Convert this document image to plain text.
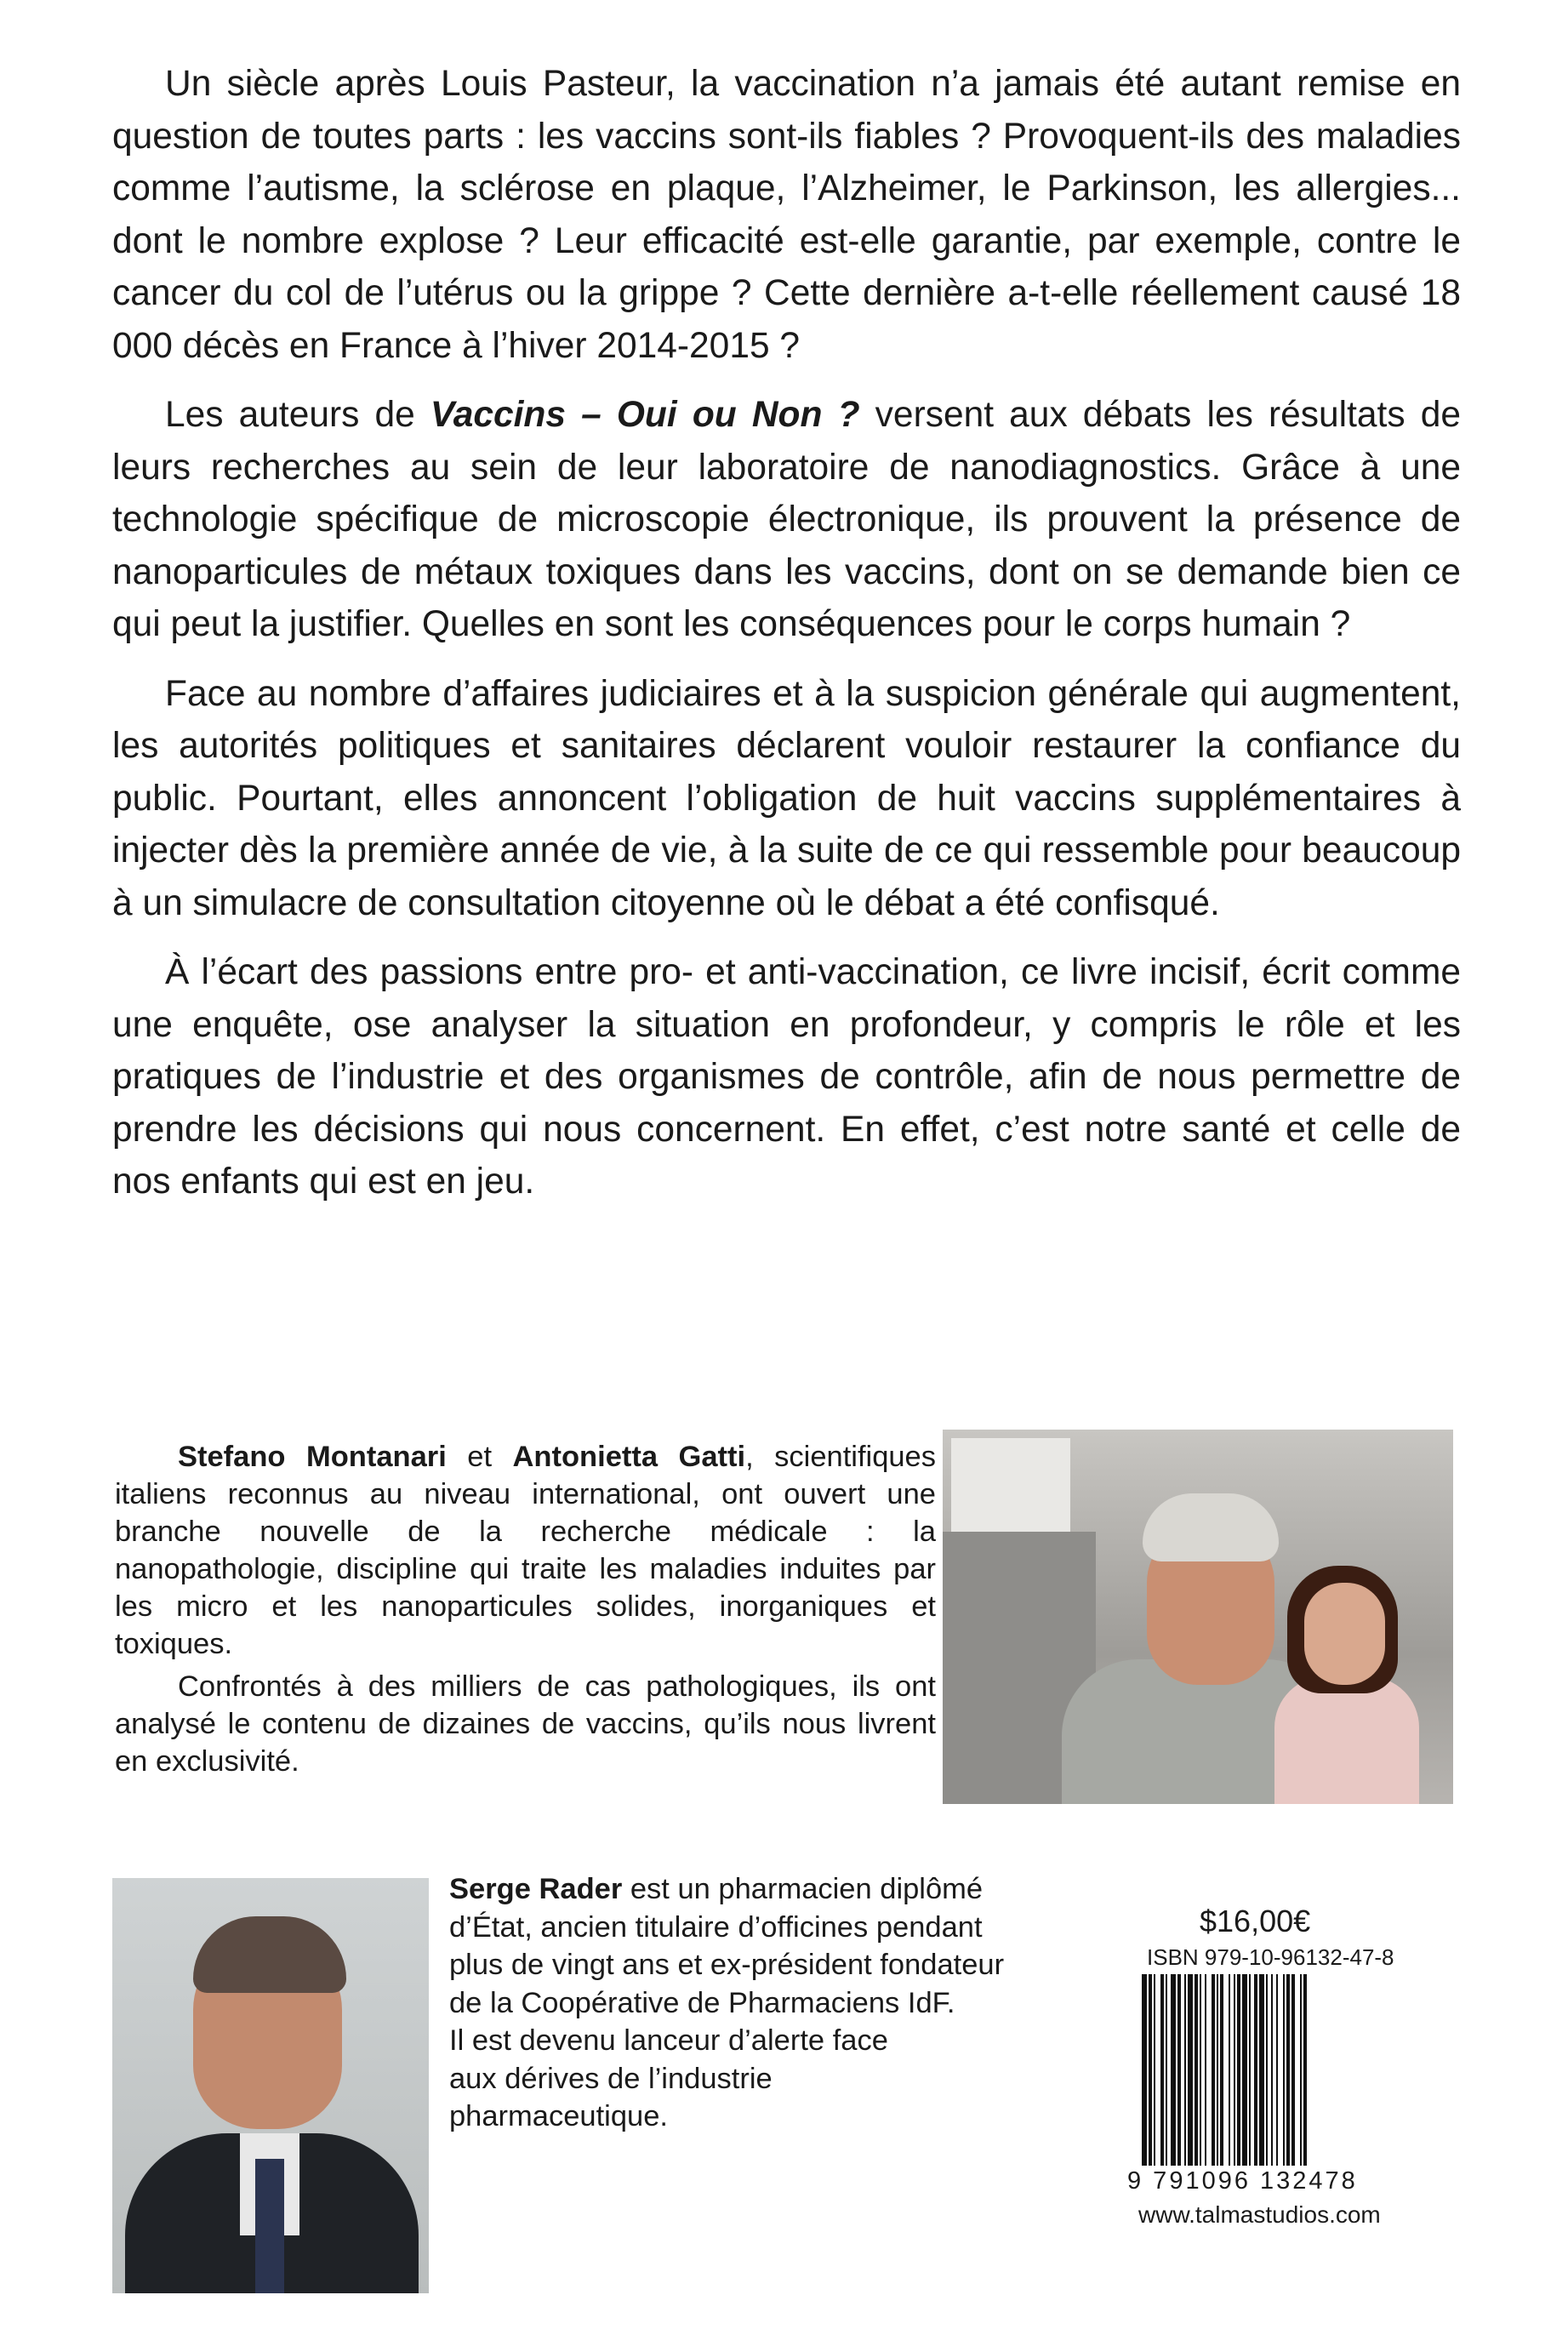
Un siècle après Louis Pasteur, la vaccination n’a jamais été autant remise en question de toutes parts : les vaccins sont-ils fiables ? Provoquent-ils des maladies comme l’autisme, la sclérose en plaque, l’Alzheimer, le Parkinson, les allergies... dont le nombre explose ? Leur efficacité est-elle garantie, par exemple, contre le cancer du col de l’utérus ou la grippe ? Cette dernière a-t-elle réellement causé 18 000 décès en France à l’hiver 2014-2015 ?

Les auteurs de Vaccins – Oui ou Non ? versent aux débats les résultats de leurs recherches au sein de leur laboratoire de nanodiagnostics. Grâce à une technologie spécifique de microscopie électronique, ils prouvent la présence de nanoparticules de métaux toxiques dans les vaccins, dont on se demande bien ce qui peut la justifier. Quelles en sont les conséquences pour le corps humain ?

Face au nombre d’affaires judiciaires et à la suspicion générale qui augmentent, les autorités politiques et sanitaires déclarent vouloir restaurer la confiance du public. Pourtant, elles annoncent l’obligation de huit vaccins supplémentaires à injecter dès la première année de vie, à la suite de ce qui ressemble pour beaucoup à un simulacre de consultation citoyenne où le débat a été confisqué.

À l’écart des passions entre pro- et anti-vaccination, ce livre incisif, écrit comme une enquête, ose analyser la situation en profondeur, y compris le rôle et les pratiques de l’industrie et des organismes de contrôle, afin de nous permettre de prendre les décisions qui nous concernent. En effet, c’est notre santé et celle de nos enfants qui est en jeu.

Stefano Montanari et Antonietta Gatti, scientifiques italiens reconnus au niveau international, ont ouvert une branche nouvelle de la recherche médicale : la nanopathologie, discipline qui traite les maladies induites par les micro et les nanoparticules solides, inorganiques et toxiques.

Confrontés à des milliers de cas pathologiques, ils ont analysé le contenu de dizaines de vaccins, qu’ils nous livrent en exclusivité.

Serge Rader est un pharmacien diplômé
d’État, ancien titulaire d’officines pendant
plus de vingt ans et ex-président fondateur
de la Coopérative de Pharmaciens IdF.
Il est devenu lanceur d’alerte face
aux dérives de l’industrie
pharmaceutique.
$16,00€
ISBN 979-10-96132-47-8
9 791096 132478
www.talmastudios.com
